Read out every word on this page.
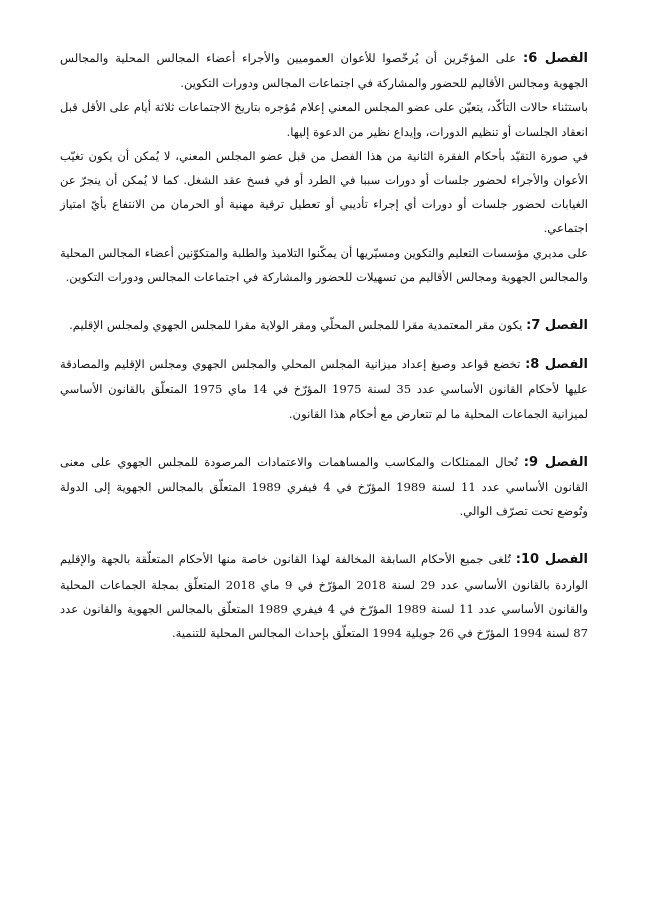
الفصل 6: على المؤجّرين أن يُرخّصوا للأعوان العموميين والأجراء أعضاء المجالس المحلية والمجالس الجهوية ومجالس الأقاليم للحضور والمشاركة في اجتماعات المجالس ودورات التكوين.

باستثناء حالات التأكّد، يتعيّن على عضو المجلس المعني إعلام مُؤجره بتاريخ الاجتماعات ثلاثة أيام على الأقل قبل انعقاد الجلسات أو تنظيم الدورات، وإيداع نظير من الدعوة إليها.

في صورة التقيّد بأحكام الفقرة الثانية من هذا الفصل من قبل عضو المجلس المعني، لا يُمكن أن يكون تغيّب الأعوان والأجراء لحضور جلسات أو دورات سببا في الطرد أو في فسخ عقد الشغل. كما لا يُمكن أن ينجرّ عن الغيابات لحضور جلسات أو دورات أي إجراء تأديبي أو تعطيل ترقية مهنية أو الحرمان من الانتفاع بأيّ امتياز اجتماعي.

على مديري مؤسسات التعليم والتكوين ومسيّريها أن يمكّنوا التلاميذ والطلبة والمتكوّنين أعضاء المجالس المحلية والمجالس الجهوية ومجالس الأقاليم من تسهيلات للحضور والمشاركة في اجتماعات المجالس ودورات التكوين.

الفصل 7: يكون مقر المعتمدية مقرا للمجلس المحلّي ومقر الولاية مقرا للمجلس الجهوي ولمجلس الإقليم.

الفصل 8: تخضع قواعد وصيغ إعداد ميزانية المجلس المحلي والمجلس الجهوي ومجلس الإقليم والمصادقة عليها لأحكام القانون الأساسي عدد 35 لسنة 1975 المؤرّخ في 14 ماي 1975 المتعلّق بالقانون الأساسي لميزانية الجماعات المحلية ما لم تتعارض مع أحكام هذا القانون.

الفصل 9: تُحال الممتلكات والمكاسب والمساهمات والاعتمادات المرصودة للمجلس الجهوي على معنى القانون الأساسي عدد 11 لسنة 1989 المؤرّخ في 4 فيفري 1989 المتعلّق بالمجالس الجهوية إلى الدولة وتُوضع تحت تصرّف الوالي.

الفصل 10: تُلغى جميع الأحكام السابقة المخالفة لهذا القانون خاصة منها الأحكام المتعلّقة بالجهة والإقليم الواردة بالقانون الأساسي عدد 29 لسنة 2018 المؤرّخ في 9 ماي 2018 المتعلّق بمجلة الجماعات المحلية والقانون الأساسي عدد 11 لسنة 1989 المؤرّخ في 4 فيفري 1989 المتعلّق بالمجالس الجهوية والقانون عدد 87 لسنة 1994 المؤرّخ في 26 جويلية 1994 المتعلّق بإحداث المجالس المحلية للتنمية.
